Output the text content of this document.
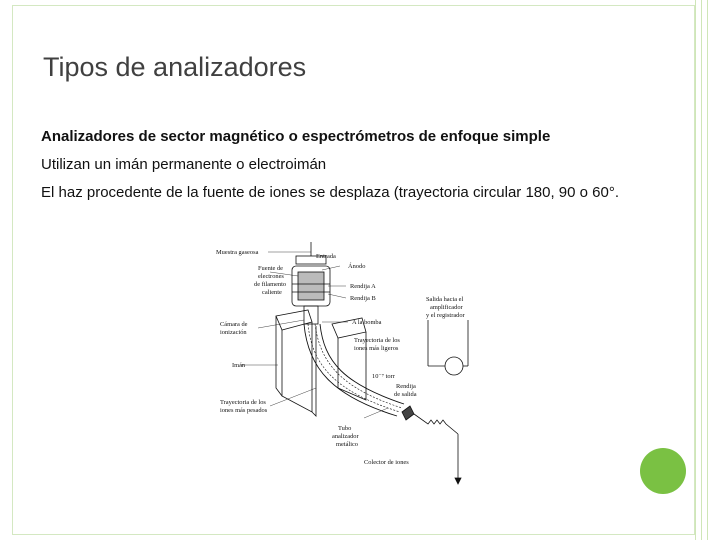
Tipos de analizadores
Analizadores de sector magnético o espectrómetros de enfoque simple
Utilizan un imán permanente o electroimán
El haz procedente de la fuente de iones se desplaza (trayectoria circular 180, 90 o 60°.
Muestra gaseosa
Entrada
Ánodo
Fuente de
electrones
de filamento
caliente
Rendija A
Rendija B	Salida hacia el
amplificador
y el registrador
Cámara de
ionización
A la bomba
Trayectoria de los
iones más ligeros
Imán
10⁻⁷ torr
Rendija
de salida
Trayectoria de los
iones más pesados
Tubo
analizador
metálico
Colector de iones
